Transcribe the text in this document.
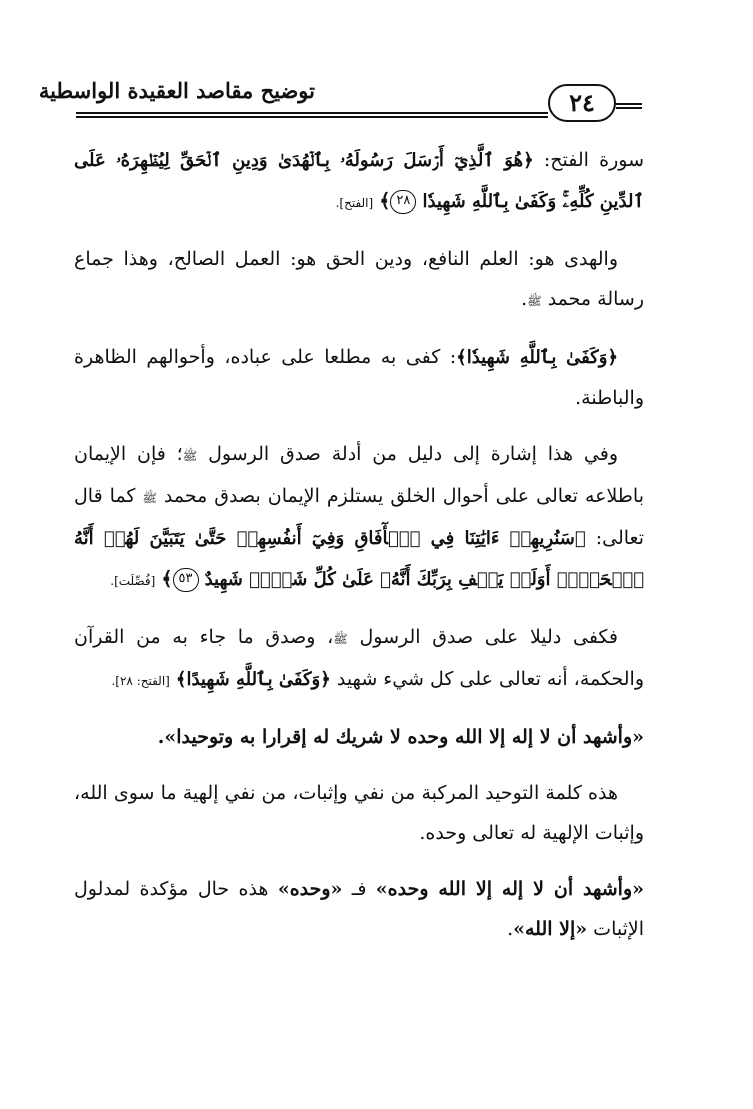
توضيح مقاصد العقيدة الواسطية	٢٤

سورة الفتح: ﴿هُوَ ٱلَّذِيٓ أَرۡسَلَ رَسُولَهُۥ بِٱلۡهُدَىٰ وَدِينِ ٱلۡحَقِّ لِيُظۡهِرَهُۥ عَلَى ٱلدِّينِ كُلِّهِۦۚ وَكَفَىٰ بِٱللَّهِ شَهِيدٗا ٢٨﴾ [الفتح].

والهدى هو: العلم النافع، ودين الحق هو: العمل الصالح، وهذا جماع رسالة محمد ﷺ.

﴿وَكَفَىٰ بِٱللَّهِ شَهِيدٗا﴾: كفى به مطلعا على عباده، وأحوالهم الظاهرة والباطنة.

وفي هذا إشارة إلى دليل من أدلة صدق الرسول ﷺ؛ فإن الإيمان باطلاعه تعالى على أحوال الخلق يستلزم الإيمان بصدق محمد ﷺ كما قال تعالى: ﴿سَنُرِيهِمۡ ءَايَٰتِنَا فِي ٱلۡأٓفَاقِ وَفِيٓ أَنفُسِهِمۡ حَتَّىٰ يَتَبَيَّنَ لَهُمۡ أَنَّهُ ٱلۡحَقُّۗ أَوَلَمۡ يَكۡفِ بِرَبِّكَ أَنَّهُۥ عَلَىٰ كُلِّ شَيۡءٖ شَهِيدٌ ٥٣﴾ [فُصِّلَت].

فكفى دليلا على صدق الرسول ﷺ، وصدق ما جاء به من القرآن والحكمة، أنه تعالى على كل شيء شهيد ﴿وَكَفَىٰ بِٱللَّهِ شَهِيدًا﴾ [الفتح: ٢٨].

«وأشهد أن لا إله إلا الله وحده لا شريك له إقرارا به وتوحيدا».

هذه كلمة التوحيد المركبة من نفي وإثبات، من نفي إلهية ما سوى الله، وإثبات الإلهية له تعالى وحده.

«وأشهد أن لا إله إلا الله وحده» فـ «وحده» هذه حال مؤكدة لمدلول الإثبات «إلا الله».
